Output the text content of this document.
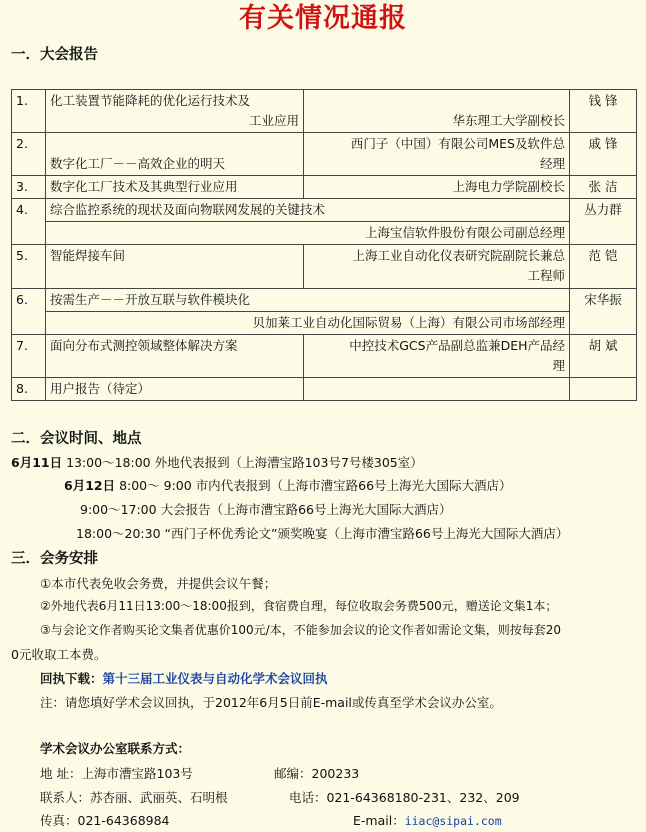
有关情况通报
一．大会报告
1.	化工装置节能降耗的优化运行技术及
工业应用	华东理工大学副校长	钱 锋
2.	数字化工厂－－高效企业的明天	西门子（中国）有限公司MES及软件总
经理	戚 锋
3.	数字化工厂技术及其典型行业应用	上海电力学院副校长	张 洁
4.	综合监控系统的现状及面向物联网发展的关键技术		丛力群
	上海宝信软件股份有限公司副总经理		
5.	智能焊接车间	上海工业自动化仪表研究院副院长兼总
工程师	范 铠
6.	按需生产－－开放互联与软件模块化		宋华振
	贝加莱工业自动化国际贸易（上海）有限公司市场部经理		
7.	面向分布式测控领域整体解决方案	中控技术GCS产品副总监兼DEH产品经
理	胡 斌
8.	用户报告（待定）		
二．会议时间、地点
6月11日 13:00～18:00 外地代表报到（上海漕宝路103号7号楼305室）
6月12日 8:00～ 9:00 市内代表报到（上海市漕宝路66号上海光大国际大酒店）
9:00～17:00 大会报告（上海市漕宝路66号上海光大国际大酒店）
18:00～20:30 “西门子杯优秀论文”颁奖晚宴（上海市漕宝路66号上海光大国际大酒店）
三．会务安排
①本市代表免收会务费，并提供会议午餐；
②外地代表6月11日13:00～18:00报到，食宿费自理，每位收取会务费500元，赠送论文集1本；
③与会论文作者购买论文集者优惠价100元/本，不能参加会议的论文作者如需论文集，则按每套20
0元收取工本费。
回执下载：第十三届工业仪表与自动化学术会议回执
注：请您填好学术会议回执，于2012年6月5日前E-mail或传真至学术会议办公室。
学术会议办公室联系方式：
地 址：上海市漕宝路103号	邮编：200233
联系人：苏杏丽、武丽英、石明根	电话：021-64368180-231、232、209
传真：021-64368984	E-mail：iiac@sipai.com
